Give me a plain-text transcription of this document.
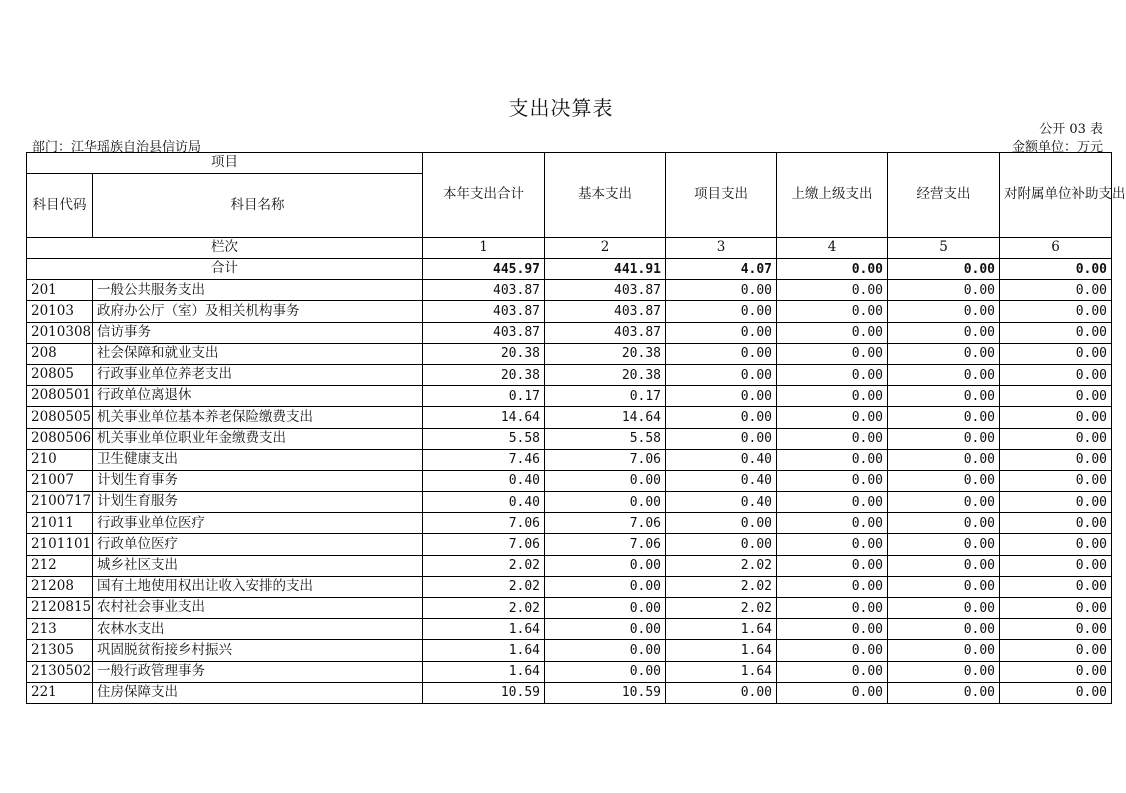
支出决算表
公开 03 表
部门：江华瑶族自治县信访局	金额单位：万元
项目		本年支出合计	基本支出	项目支出	上缴上级支出	经营支出	对附属单位补助支出
科目代码	科目名称						
栏次		1	2	3	4	5	6
合计		445.97	441.91	4.07	0.00	0.00	0.00
201	一般公共服务支出	403.87	403.87	0.00	0.00	0.00	0.00
20103	政府办公厅（室）及相关机构事务	403.87	403.87	0.00	0.00	0.00	0.00
2010308	信访事务	403.87	403.87	0.00	0.00	0.00	0.00
208	社会保障和就业支出	20.38	20.38	0.00	0.00	0.00	0.00
20805	行政事业单位养老支出	20.38	20.38	0.00	0.00	0.00	0.00
2080501	行政单位离退休	0.17	0.17	0.00	0.00	0.00	0.00
2080505	机关事业单位基本养老保险缴费支出	14.64	14.64	0.00	0.00	0.00	0.00
2080506	机关事业单位职业年金缴费支出	5.58	5.58	0.00	0.00	0.00	0.00
210	卫生健康支出	7.46	7.06	0.40	0.00	0.00	0.00
21007	计划生育事务	0.40	0.00	0.40	0.00	0.00	0.00
2100717	计划生育服务	0.40	0.00	0.40	0.00	0.00	0.00
21011	行政事业单位医疗	7.06	7.06	0.00	0.00	0.00	0.00
2101101	行政单位医疗	7.06	7.06	0.00	0.00	0.00	0.00
212	城乡社区支出	2.02	0.00	2.02	0.00	0.00	0.00
21208	国有土地使用权出让收入安排的支出	2.02	0.00	2.02	0.00	0.00	0.00
2120815	农村社会事业支出	2.02	0.00	2.02	0.00	0.00	0.00
213	农林水支出	1.64	0.00	1.64	0.00	0.00	0.00
21305	巩固脱贫衔接乡村振兴	1.64	0.00	1.64	0.00	0.00	0.00
2130502	一般行政管理事务	1.64	0.00	1.64	0.00	0.00	0.00
221	住房保障支出	10.59	10.59	0.00	0.00	0.00	0.00
